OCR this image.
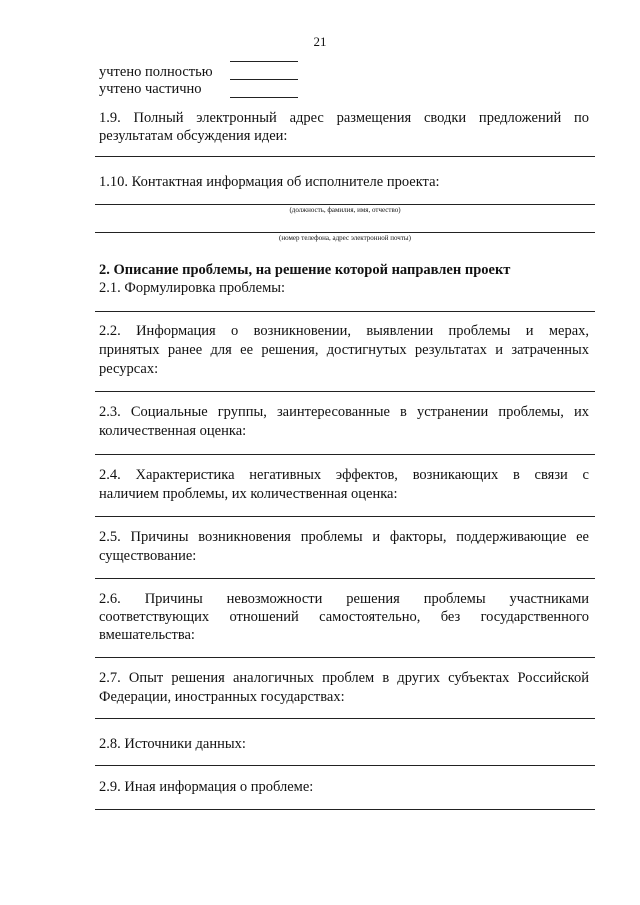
21
учтено полностью
учтено частично
1.9. Полный электронный адрес размещения сводки предложений по
результатам обсуждения идеи:
1.10. Контактная информация об исполнителе проекта:
(должность, фамилия, имя, отчество)
(номер телефона, адрес электронной почты)
2. Описание проблемы, на решение которой направлен проект
2.1. Формулировка проблемы:
2.2. Информация о возникновении, выявлении проблемы и мерах,
принятых ранее для ее решения, достигнутых результатах и затраченных
ресурсах:
2.3. Социальные группы, заинтересованные в устранении проблемы, их
количественная оценка:
2.4. Характеристика негативных эффектов, возникающих в связи с
наличием проблемы, их количественная оценка:
2.5. Причины возникновения проблемы и факторы, поддерживающие ее
существование:
2.6. Причины невозможности решения проблемы участниками
соответствующих отношений самостоятельно, без государственного
вмешательства:
2.7. Опыт решения аналогичных проблем в других субъектах Российской
Федерации, иностранных государствах:
2.8. Источники данных:
2.9. Иная информация о проблеме:
